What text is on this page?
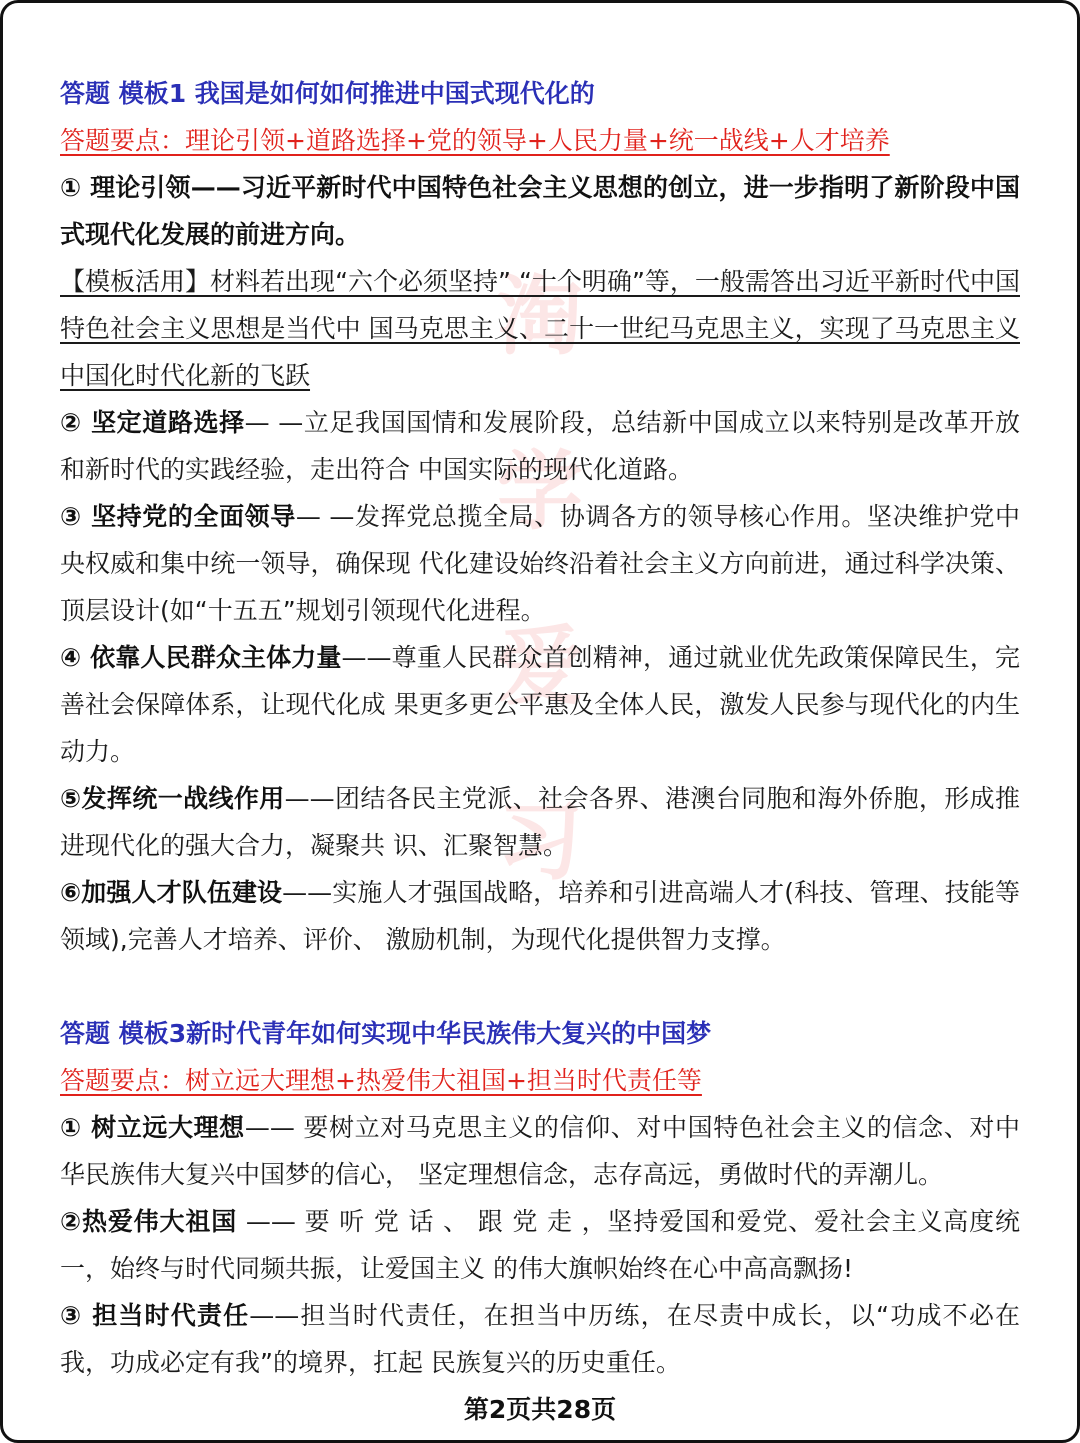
淘
学
爱
习

答题 模板1 我国是如何如何推进中国式现代化的

答题要点：理论引领+道路选择+党的领导+人民力量+统一战线+人才培养

① 理论引领——习近平新时代中国特色社会主义思想的创立，进一步指明了新阶段中国式现代化发展的前进方向。

【模板活用】材料若出现“六个必须坚持” “十个明确”等，一般需答出习近平新时代中国特色社会主义思想是当代中 国马克思主义、二十一世纪马克思主义，实现了马克思主义中国化时代化新的飞跃

② 坚定道路选择— —立足我国国情和发展阶段，总结新中国成立以来特别是改革开放和新时代的实践经验，走出符合 中国实际的现代化道路。

③ 坚持党的全面领导— —发挥党总揽全局、协调各方的领导核心作用。坚决维护党中央权威和集中统一领导，确保现 代化建设始终沿着社会主义方向前进，通过科学决策、顶层设计(如“十五五”规划引领现代化进程。

④ 依靠人民群众主体力量——尊重人民群众首创精神，通过就业优先政策保障民生，完善社会保障体系，让现代化成 果更多更公平惠及全体人民，激发人民参与现代化的内生动力。

⑤发挥统一战线作用——团结各民主党派、社会各界、港澳台同胞和海外侨胞，形成推进现代化的强大合力，凝聚共 识、汇聚智慧。

⑥加强人才队伍建设——实施人才强国战略，培养和引进高端人才(科技、管理、技能等领域),完善人才培养、评价、 激励机制，为现代化提供智力支撑。

答题 模板3新时代青年如何实现中华民族伟大复兴的中国梦

答题要点：树立远大理想+热爱伟大祖国+担当时代责任等

① 树立远大理想—— 要树立对马克思主义的信仰、对中国特色社会主义的信念、对中华民族伟大复兴中国梦的信心， 坚定理想信念，志存高远，勇做时代的弄潮儿。

②热爱伟大祖国 —— 要 听 党 话 、 跟 党 走 ，坚持爱国和爱党、爱社会主义高度统一，始终与时代同频共振，让爱国主义 的伟大旗帜始终在心中高高飘扬!

③ 担当时代责任——担当时代责任，在担当中历练，在尽责中成长，以“功成不必在我，功成必定有我”的境界，扛起 民族复兴的历史重任。

第2页共28页
